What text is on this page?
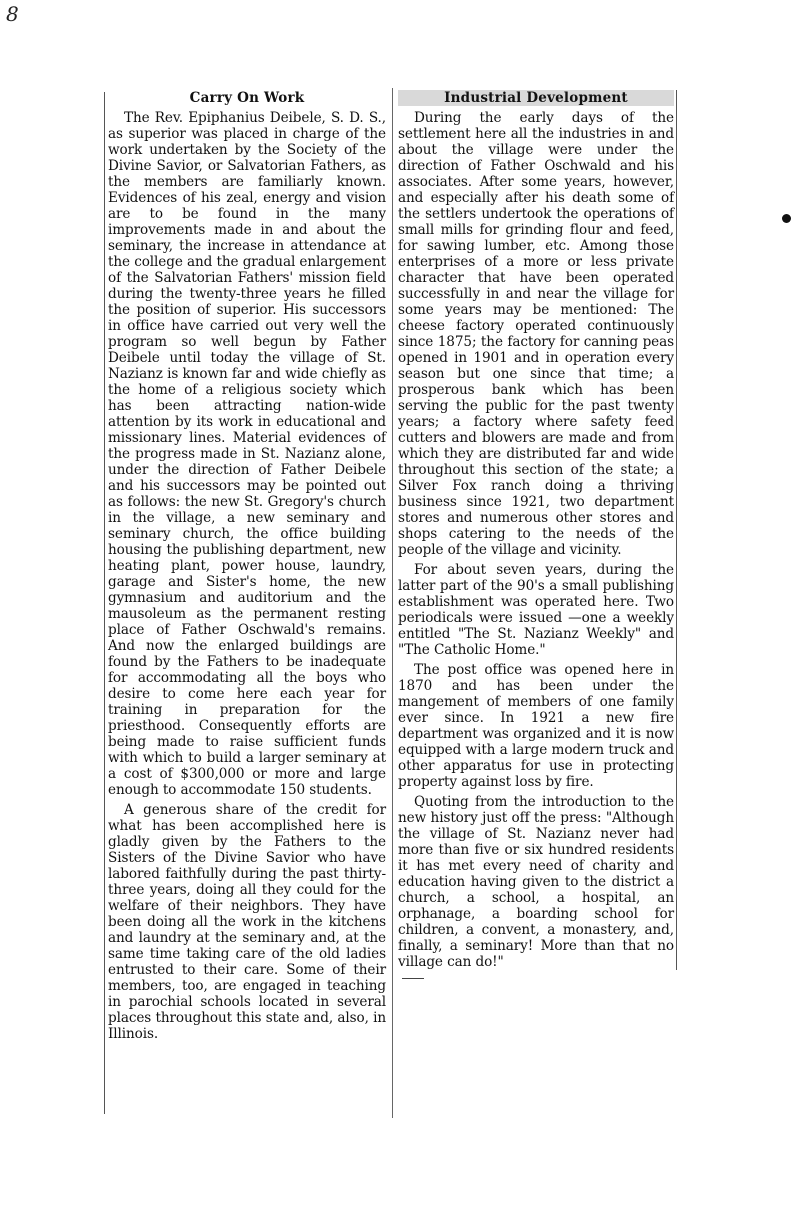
8
Carry On Work

The Rev. Epiphanius Deibele, S. D. S., as superior was placed in charge of the work undertaken by the Society of the Divine Savior, or Salvatorian Fathers, as the members are familiarly known. Evidences of his zeal, energy and vision are to be found in the many improvements made in and about the seminary, the increase in attendance at the college and the gradual enlargement of the Salvatorian Fathers' mission field during the twenty-three years he filled the position of superior. His successors in office have carried out very well the program so well begun by Father Deibele until today the village of St. Nazianz is known far and wide chiefly as the home of a religious society which has been attracting nation-wide attention by its work in educational and missionary lines. Material evidences of the progress made in St. Nazianz alone, under the direction of Father Deibele and his successors may be pointed out as follows: the new St. Gregory's church in the village, a new seminary and seminary church, the office building housing the publishing department, new heating plant, power house, laundry, garage and Sister's home, the new gymnasium and auditorium and the mausoleum as the permanent resting place of Father Oschwald's remains. And now the enlarged buildings are found by the Fathers to be inadequate for accommodating all the boys who desire to come here each year for training in preparation for the priesthood. Consequently efforts are being made to raise sufficient funds with which to build a larger seminary at a cost of $300,000 or more and large enough to accommodate 150 students.

A generous share of the credit for what has been accomplished here is gladly given by the Fathers to the Sisters of the Divine Savior who have labored faithfully during the past thirty-three years, doing all they could for the welfare of their neighbors. They have been doing all the work in the kitchens and laundry at the seminary and, at the same time taking care of the old ladies entrusted to their care. Some of their members, too, are engaged in teaching in parochial schools located in several places throughout this state and, also, in Illinois.

Industrial Development

During the early days of the settlement here all the industries in and about the village were under the direction of Father Oschwald and his associates. After some years, however, and especially after his death some of the settlers undertook the operations of small mills for grinding flour and feed, for sawing lumber, etc. Among those enterprises of a more or less private character that have been operated successfully in and near the village for some years may be mentioned: The cheese factory operated continuously since 1875; the factory for canning peas opened in 1901 and in operation every season but one since that time; a prosperous bank which has been serving the public for the past twenty years; a factory where safety feed cutters and blowers are made and from which they are distributed far and wide throughout this section of the state; a Silver Fox ranch doing a thriving business since 1921, two department stores and numerous other stores and shops catering to the needs of the people of the village and vicinity.

For about seven years, during the latter part of the 90's a small publishing establishment was operated here. Two periodicals were issued —one a weekly entitled "The St. Nazianz Weekly" and "The Catholic Home."

The post office was opened here in 1870 and has been under the mangement of members of one family ever since. In 1921 a new fire department was organized and it is now equipped with a large modern truck and other apparatus for use in protecting property against loss by fire.

Quoting from the introduction to the new history just off the press: "Although the village of St. Nazianz never had more than five or six hundred residents it has met every need of charity and education having given to the district a church, a school, a hospital, an orphanage, a boarding school for children, a convent, a monastery, and, finally, a seminary! More than that no village can do!"
